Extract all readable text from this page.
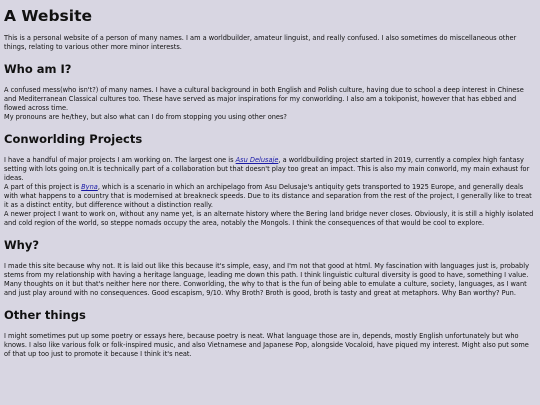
A Website

This is a personal website of a person of many names. I am a worldbuilder, amateur linguist, and really confused. I also sometimes do miscellaneous other things, relating to various other more minor interests.

Who am I?

A confused mess(who isn't?) of many names. I have a cultural background in both English and Polish culture, having due to school a deep interest in Chinese and Mediterranean Classical cultures too. These have served as major inspirations for my conworlding. I also am a tokiponist, however that has ebbed and flowed across time.

My pronouns are he/they, but also what can I do from stopping you using other ones?

Conworlding Projects

I have a handful of major projects I am working on. The largest one is Asu Delusaje, a worldbuilding project started in 2019, currently a complex high fantasy setting with lots going on.It is technically part of a collaboration but that doesn't play too great an impact. This is also my main conworld, my main exhaust for ideas.

A part of this project is Byna, which is a scenario in which an archipelago from Asu Delusaje's antiquity gets transported to 1925 Europe, and generally deals with what happens to a country that is modernised at breakneck speeds. Due to its distance and separation from the rest of the project, I generally like to treat it as a distinct entity, but difference without a distinction really.

A newer project I want to work on, without any name yet, is an alternate history where the Bering land bridge never closes. Obviously, it is still a highly isolated and cold region of the world, so steppe nomads occupy the area, notably the Mongols. I think the consequences of that would be cool to explore.

Why?

I made this site because why not. It is laid out like this because it's simple, easy, and I'm not that good at html. My fascination with languages just is, probably stems from my relationship with having a heritage language, leading me down this path. I think linguistic cultural diversity is good to have, something I value. Many thoughts on it but that's neither here nor there. Conworlding, the why to that is the fun of being able to emulate a culture, society, languages, as I want and just play around with no consequences. Good escapism, 9/10. Why Broth? Broth is good, broth is tasty and great at metaphors. Why Ban worthy? Pun.

Other things

I might sometimes put up some poetry or essays here, because poetry is neat. What language those are in, depends, mostly English unfortunately but who knows. I also like various folk or folk-inspired music, and also Vietnamese and Japanese Pop, alongside Vocaloid, have piqued my interest. Might also put some of that up too just to promote it because I think it's neat.
